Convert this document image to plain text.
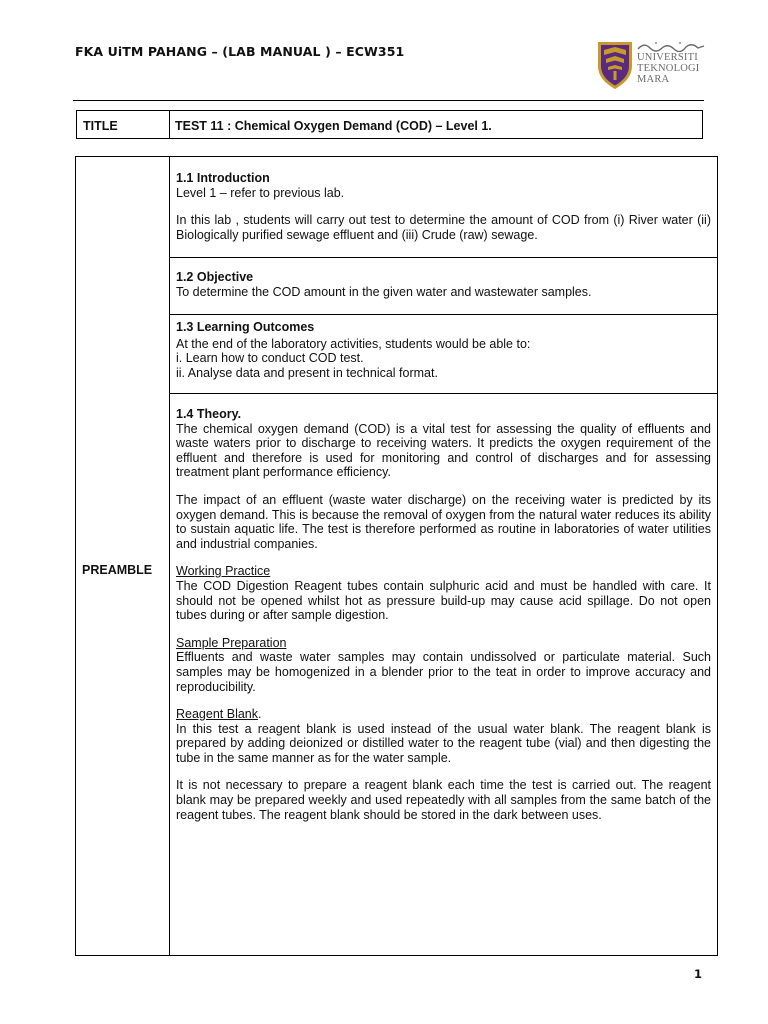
FKA UiTM PAHANG – (LAB MANUAL ) – ECW351	UNIVERSITI
TEKNOLOGI
MARA
TITLE	TEST 11 : Chemical Oxygen Demand (COD) – Level 1.
PREAMBLE

1.1 Introduction

Level 1 – refer to previous lab.

In this lab , students will carry out test to determine the amount of COD from (i) River water (ii) Biologically purified sewage effluent and (iii) Crude (raw) sewage.

1.2 Objective

To determine the COD amount in the given water and wastewater samples.

1.3 Learning Outcomes

At the end of the laboratory activities, students would be able to:

i. Learn how to conduct COD test.

ii. Analyse data and present in technical format.

1.4 Theory.

The chemical oxygen demand (COD) is a vital test for assessing the quality of effluents and waste waters prior to discharge to receiving waters. It predicts the oxygen requirement of the effluent and therefore is used for monitoring and control of discharges and for assessing treatment plant performance efficiency.

The impact of an effluent (waste water discharge) on the receiving water is predicted by its oxygen demand. This is because the removal of oxygen from the natural water reduces its ability to sustain aquatic life. The test is therefore performed as routine in laboratories of water utilities and industrial companies.

Working Practice

The COD Digestion Reagent tubes contain sulphuric acid and must be handled with care. It should not be opened whilst hot as pressure build-up may cause acid spillage. Do not open tubes during or after sample digestion.

Sample Preparation

Effluents and waste water samples may contain undissolved or particulate material. Such samples may be homogenized in a blender prior to the teat in order to improve accuracy and reproducibility.

Reagent Blank.

In this test a reagent blank is used instead of the usual water blank. The reagent blank is prepared by adding deionized or distilled water to the reagent tube (vial) and then digesting the tube in the same manner as for the water sample.

It is not necessary to prepare a reagent blank each time the test is carried out. The reagent blank may be prepared weekly and used repeatedly with all samples from the same batch of the reagent tubes. The reagent blank should be stored in the dark between uses.

1
